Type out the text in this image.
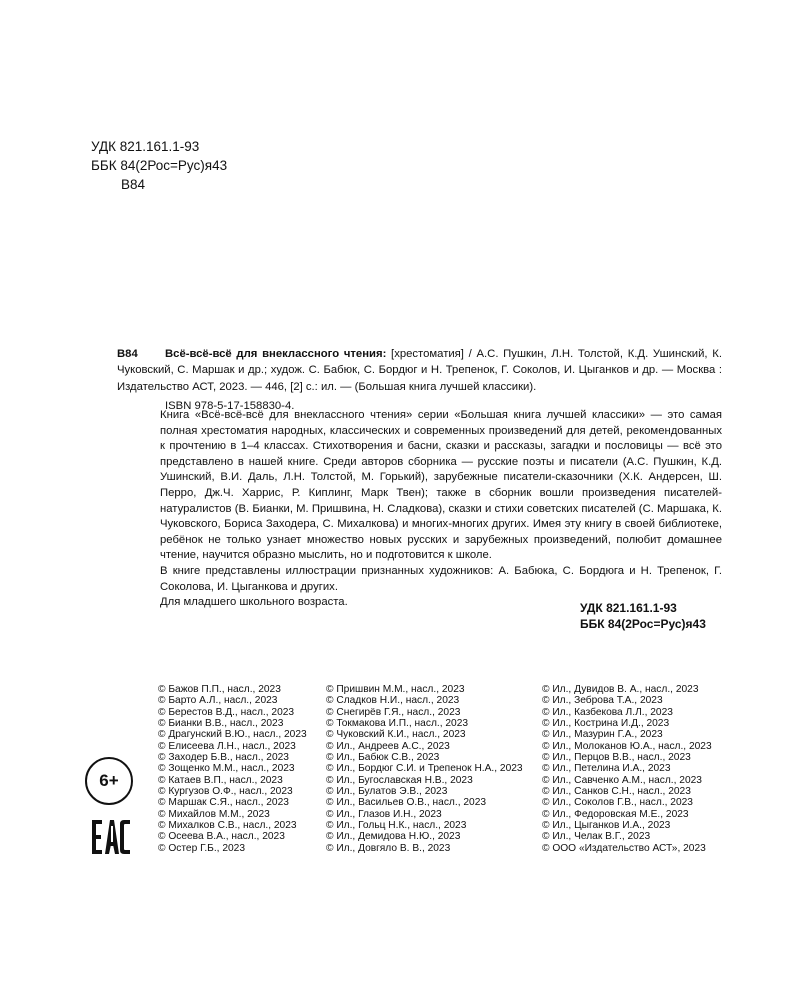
УДК 821.161.1-93
ББК 84(2Рос=Рус)я43
В84

В84 Всё-всё-всё для внеклассного чтения: [хрестоматия] / А.С. Пушкин, Л.Н. Толстой, К.Д. Ушинский, К. Чуковский, С. Маршак и др.; худож. С. Бабюк, С. Бордюг и Н. Трепенок, Г. Соколов, И. Цыганков и др. — Москва : Издательство АСТ, 2023. — 446, [2] с.: ил. — (Большая книга лучшей классики).

ISBN 978-5-17-158830-4.

Книга «Всё-всё-всё для внеклассного чтения» серии «Большая книга лучшей классики» — это самая полная хрестоматия народных, классических и современных произведений для детей, рекомендованных к прочтению в 1–4 классах. Стихотворения и басни, сказки и рассказы, загадки и пословицы — всё это представлено в нашей книге. Среди авторов сборника — русские поэты и писатели (А.С. Пушкин, К.Д. Ушинский, В.И. Даль, Л.Н. Толстой, М. Горький), зарубежные писатели-сказочники (Х.К. Андерсен, Ш. Перро, Дж.Ч. Харрис, Р. Киплинг, Марк Твен); также в сборник вошли произведения писателей-натуралистов (В. Бианки, М. Пришвина, Н. Сладкова), сказки и стихи советских писателей (С. Маршака, К. Чуковского, Бориса Заходера, С. Михалкова) и многих-многих других. Имея эту книгу в своей библиотеке, ребёнок не только узнает множество новых русских и зарубежных произведений, полюбит домашнее чтение, научится образно мыслить, но и подготовится к школе.

В книге представлены иллюстрации признанных художников: А. Бабюка, С. Бордюга и Н. Трепенок, Г. Соколова, И. Цыганкова и других.

Для младшего школьного возраста.	УДК 821.161.1-93
ББК 84(2Рос=Рус)я43
© Бажов П.П., насл., 2023
© Барто А.Л., насл., 2023
© Берестов В.Д., насл., 2023
© Бианки В.В., насл., 2023
© Драгунский В.Ю., насл., 2023
© Елисеева Л.Н., насл., 2023
© Заходер Б.В., насл., 2023
© Зощенко М.М., насл., 2023
© Катаев В.П., насл., 2023
© Кургузов О.Ф., насл., 2023
© Маршак С.Я., насл., 2023
© Михайлов М.М., 2023
© Михалков С.В., насл., 2023
© Осеева В.А., насл., 2023
© Остер Г.Б., 2023
© Пришвин М.М., насл., 2023
© Сладков Н.И., насл., 2023
© Снегирёв Г.Я., насл., 2023
© Токмакова И.П., насл., 2023
© Чуковский К.И., насл., 2023
© Ил., Андреев А.С., 2023
© Ил., Бабюк С.В., 2023
© Ил., Бордюг С.И. и Трепенок Н.А., 2023
© Ил., Бугославская Н.В., 2023
© Ил., Булатов Э.В., 2023
© Ил., Васильев О.В., насл., 2023
© Ил., Глазов И.Н., 2023
© Ил., Гольц Н.К., насл., 2023
© Ил., Демидова Н.Ю., 2023
© Ил., Довгяло В. В., 2023
© Ил., Дувидов В. А., насл., 2023
© Ил., Зеброва Т.А., 2023
© Ил., Казбекова Л.Л., 2023
© Ил., Кострина И.Д., 2023
© Ил., Мазурин Г.А., 2023
© Ил., Молоканов Ю.А., насл., 2023
© Ил., Перцов В.В., насл., 2023
© Ил., Петелина И.А., 2023
© Ил., Савченко А.М., насл., 2023
© Ил., Санков С.Н., насл., 2023
© Ил., Соколов Г.В., насл., 2023
© Ил., Федоровская М.Е., 2023
© Ил., Цыганков И.А., 2023
© Ил., Челак В.Г., 2023
© ООО «Издательство АСТ», 2023
6+
